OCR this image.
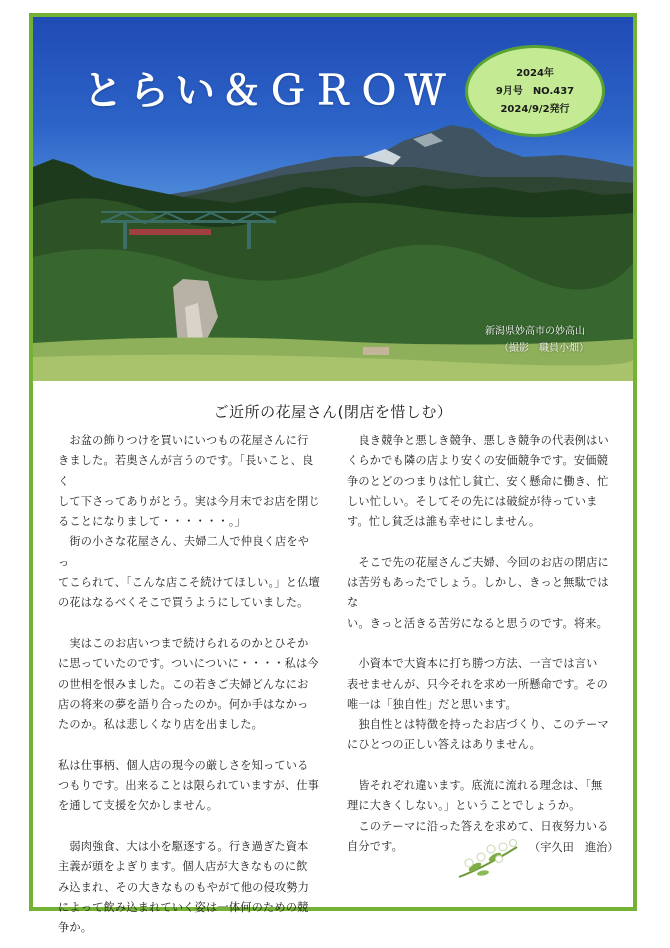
とらい＆ＧＲＯＷ	2024年
9月号　NO.437
2024/9/2発行
新潟県妙高市の妙高山
（撮影　職員小畑）
ご近所の花屋さん(閉店を惜しむ）

　お盆の飾りつけを買いにいつもの花屋さんに行

きました。若奥さんが言うのです。「長いこと、良く

して下さってありがとう。実は今月末でお店を閉じ

ることになりまして・・・・・・。」

　街の小さな花屋さん、夫婦二人で仲良く店をやっ

てこられて、「こんな店こそ続けてほしい。」と仏壇

の花はなるべくそこで買うようにしていました。

　実はこのお店いつまで続けられるのかとひそか

に思っていたのです。ついについに・・・・私は今

の世相を恨みました。この若きご夫婦どんなにお

店の将来の夢を語り合ったのか。何か手はなかっ

たのか。私は悲しくなり店を出ました。

私は仕事柄、個人店の現今の厳しさを知っている

つもりです。出来ることは限られていますが、仕事

を通して支援を欠かしません。

　弱肉強食、大は小を駆逐する。行き過ぎた資本

主義が頭をよぎります。個人店が大きなものに飲

み込まれ、その大きなものもやがて他の侵攻勢力

によって飲み込まれていく姿は一体何のための競

争か。

　良き競争と悪しき競争、悪しき競争の代表例はい

くらかでも隣の店より安くの安価競争です。安価競

争のとどのつまりは忙し貧亡、安く懸命に働き、忙

しい忙しい。そしてその先には破綻が待っていま

す。忙し貧乏は誰も幸せにしません。

　そこで先の花屋さんご夫婦、今回のお店の閉店に

は苦労もあったでしょう。しかし、きっと無駄ではな

い。きっと活きる苦労になると思うのです。将来。

　小資本で大資本に打ち勝つ方法、一言では言い

表せませんが、只今それを求め一所懸命です。その

唯一は「独自性」だと思います。

　独自性とは特徴を持ったお店づくり、このテーマ

にひとつの正しい答えはありません。

　皆それぞれ違います。底流に流れる理念は、「無

理に大きくしない。」ということでしょうか。

　このテーマに沿った答えを求めて、日夜努力いる

自分です。	（宇久田　進治）
